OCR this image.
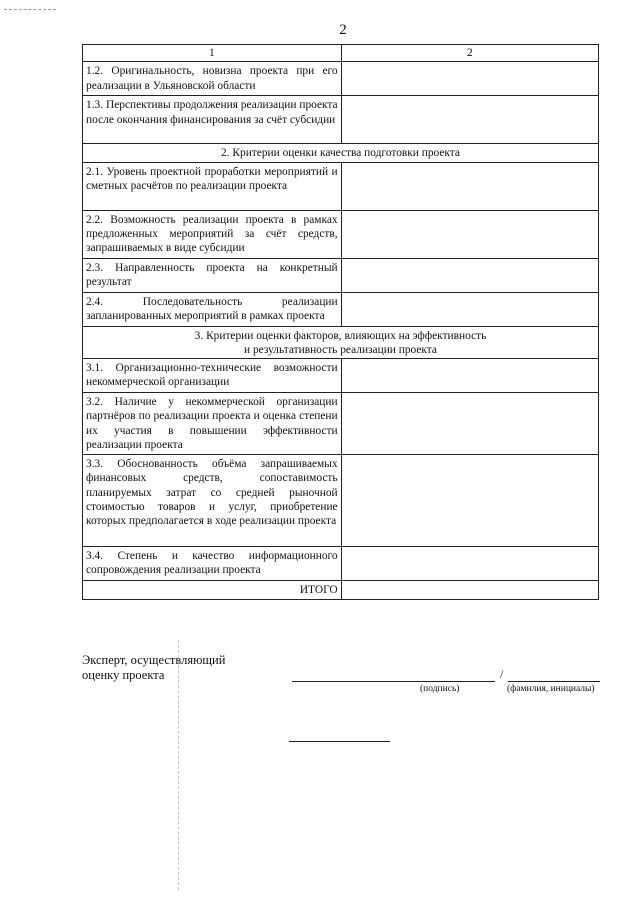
2
1	2
1.2. Оригинальность, новизна проекта при его реализации в Ульяновской области	
1.3. Перспективы продолжения реализации проекта после окончания финансирования за счёт субсидии	
2. Критерии оценки качества подготовки проекта	
2.1. Уровень проектной проработки мероприятий и сметных расчётов по реализации проекта	
2.2. Возможность реализации проекта в рамках предложенных мероприятий за счёт средств, запрашиваемых в виде субсидии	
2.3. Направленность проекта на конкретный результат	
2.4. Последовательность реализации запланированных мероприятий в рамках проекта	
3. Критерии оценки факторов, влияющих на эффективность
и результативность реализации проекта	
3.1. Организационно-технические возможности некоммерческой организации	
3.2. Наличие у некоммерческой организации партнёров по реализации проекта и оценка степени их участия в повышении эффективности реализации проекта	
3.3. Обоснованность объёма запрашиваемых финансовых средств, сопоставимость планируемых затрат со средней рыночной стоимостью товаров и услуг, приобретение которых предполагается в ходе реализации проекта	
3.4. Степень и качество информационного сопровождения реализации проекта	
ИТОГО	
Эксперт, осуществляющий
оценку проекта	/
(подпись)	(фамилия, инициалы)
